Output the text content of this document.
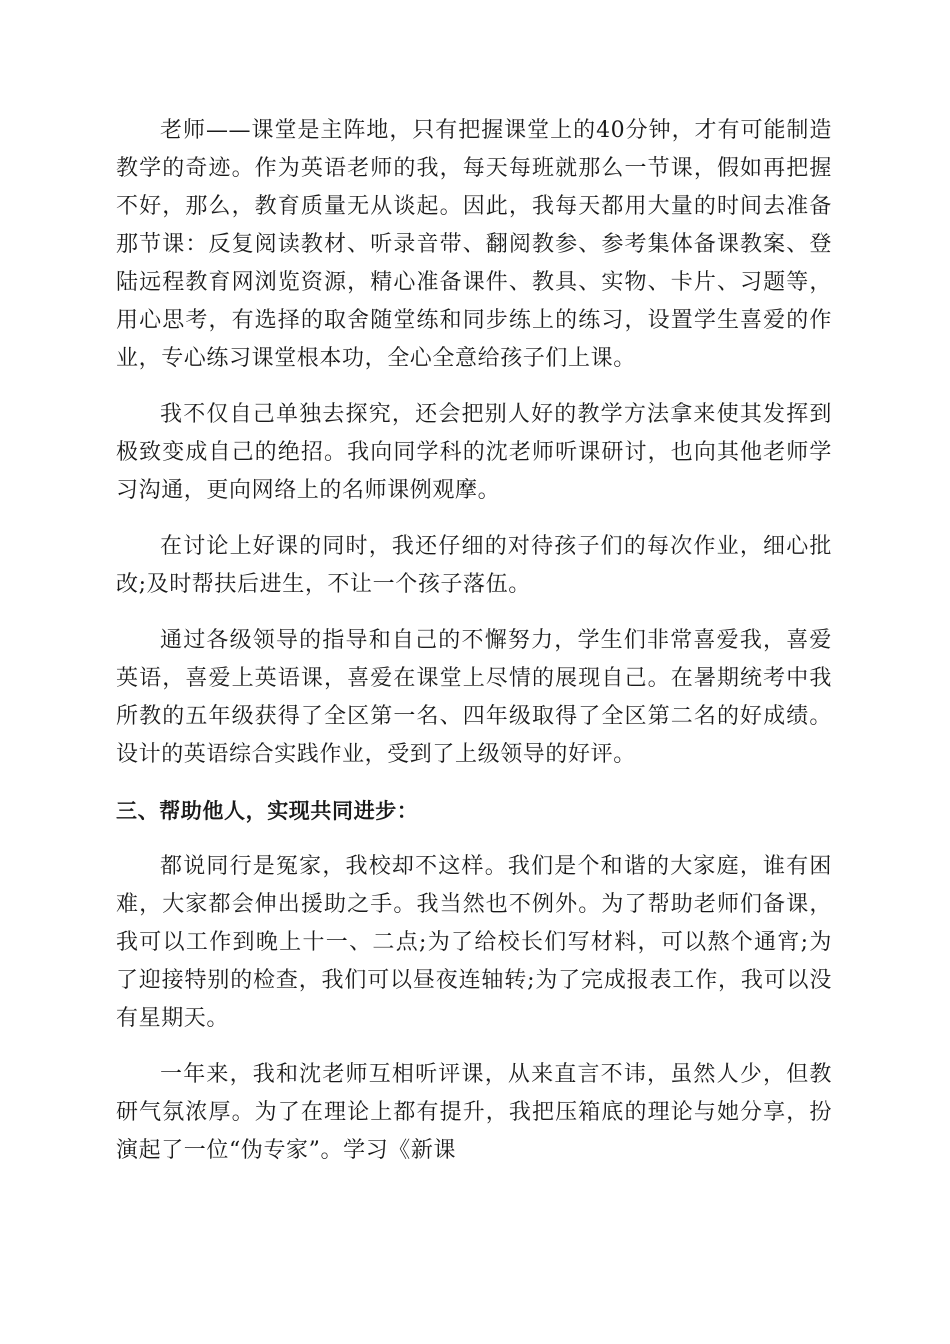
老师——课堂是主阵地，只有把握课堂上的40分钟，才有可能制造教学的奇迹。作为英语老师的我，每天每班就那么一节课，假如再把握不好，那么，教育质量无从谈起。因此，我每天都用大量的时间去准备那节课：反复阅读教材、听录音带、翻阅教参、参考集体备课教案、登陆远程教育网浏览资源，精心准备课件、教具、实物、卡片、习题等，用心思考，有选择的取舍随堂练和同步练上的练习，设置学生喜爱的作业，专心练习课堂根本功，全心全意给孩子们上课。

我不仅自己单独去探究，还会把别人好的教学方法拿来使其发挥到极致变成自己的绝招。我向同学科的沈老师听课研讨，也向其他老师学习沟通，更向网络上的名师课例观摩。

在讨论上好课的同时，我还仔细的对待孩子们的每次作业，细心批改;及时帮扶后进生，不让一个孩子落伍。

通过各级领导的指导和自己的不懈努力，学生们非常喜爱我，喜爱英语，喜爱上英语课，喜爱在课堂上尽情的展现自己。在暑期统考中我所教的五年级获得了全区第一名、四年级取得了全区第二名的好成绩。设计的英语综合实践作业，受到了上级领导的好评。

三、帮助他人，实现共同进步：

都说同行是冤家，我校却不这样。我们是个和谐的大家庭，谁有困难，大家都会伸出援助之手。我当然也不例外。为了帮助老师们备课，我可以工作到晚上十一、二点;为了给校长们写材料，可以熬个通宵;为了迎接特别的检查，我们可以昼夜连轴转;为了完成报表工作，我可以没有星期天。

一年来，我和沈老师互相听评课，从来直言不讳，虽然人少，但教研气氛浓厚。为了在理论上都有提升，我把压箱底的理论与她分享，扮演起了一位“伪专家”。学习《新课
